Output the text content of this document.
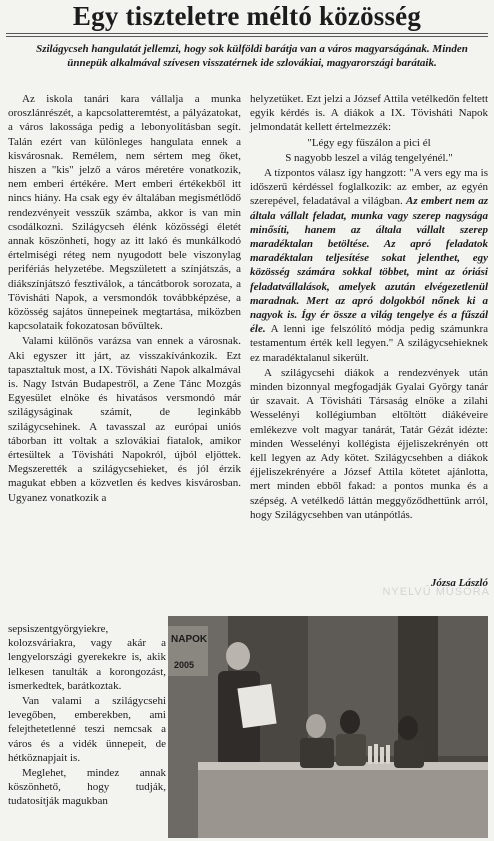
Egy tiszteletre méltó közösség
Szilágycseh hangulatát jellemzi, hogy sok külföldi barátja van a város magyarságának. Minden ünnepük alkalmával szívesen visszatérnek ide szlovákiai, magyarországi barátaik.
NYELVŰ MŰSORA

Az iskola tanári kara vállalja a munka oroszlánrészét, a kapcsolatteremtést, a pályázatokat, a város lakossága pedig a lebonyolításban segít. Talán ezért van különleges hangulata ennek a kisvárosnak. Remélem, nem sértem meg őket, hiszen a "kis" jelző a város méretére vonatkozik, nem emberi értékére. Mert emberi értékekből itt nincs hiány. Ha csak egy év általában megismétlődő rendezvényeit vesszük számba, akkor is van min csodálkozni. Szilágycseh élénk közösségi életét annak köszönheti, hogy az itt lakó és munkálkodó értelmiségi réteg nem nyugodott bele viszonylag perifériás helyzetébe. Megszületett a színjátszás, a diákszínjátszó fesztiválok, a táncátborok sorozata, a Tövisháti Napok, a versmondók továbbképzése, a közösség sajátos ünnepeinek megtartása, miközben kapcsolataik fokozatosan bővültek.

Valami különös varázsa van ennek a városnak. Aki egyszer itt járt, az visszakívánkozik. Ezt tapasztaltuk most, a IX. Tövisháti Napok alkalmával is. Nagy István Budapestről, a Zene Tánc Mozgás Egyesület elnöke és hivatásos versmondó már szilágyságinak számít, de leginkább szilágycsehinek. A tavasszal az európai uniós táborban itt voltak a szlovákiai fiatalok, amikor értesültek a Tövisháti Napokról, újból eljöttek. Megszerették a szilágycsehieket, és jól érzik magukat ebben a közvetlen és kedves kisvárosban. Ugyanez vonatkozik a

helyzetüket. Ezt jelzi a József Attila vetélkedőn feltett egyik kérdés is. A diákok a IX. Tövisháti Napok jelmondatát kellett értelmezzék:

"Légy egy fűszálon a pici él

S nagyobb leszel a világ tengelyénél."

A tízpontos válasz így hangzott: "A vers egy ma is időszerű kérdéssel foglalkozik: az ember, az egyén szerepével, feladatával a világban. Az embert nem az általa vállalt feladat, munka vagy szerep nagysága minősíti, hanem az általa vállalt szerep maradéktalan betöltése. Az apró feladatok maradéktalan teljesítése sokat jelenthet, egy közösség számára sokkal többet, mint az óriási feladatvállalások, amelyek azután elvégezetlenül maradnak. Mert az apró dolgokból nőnek ki a nagyok is. Így ér össze a világ tengelye és a fűszál éle. A lenni ige felszólító módja pedig számunkra testamentum érték kell legyen." A szilágycsehieknek ez maradéktalanul sikerült.

A szilágycsehi diákok a rendezvények után minden bizonnyal megfogadják Gyalai György tanár úr szavait. A Tövisháti Társaság elnöke a zilahi Wesselényi kollégiumban eltöltött diákéveire emlékezve volt magyar tanárát, Tatár Gézát idézte: minden Wesselényi kollégista éjjeliszekrényén ott kell legyen az Ady kötet. Szilágycsehben a diákok éjjeliszekrényére a József Attila kötetet ajánlotta, mert minden ebből fakad: a pontos munka és a szépség. A vetélkedő láttán meggyőződhettünk arról, hogy Szilágycsehben van utánpótlás.

Józsa László

sepsiszentgyörgyiekre, kolozsváriakra, vagy akár a lengyelországi gyerekekre is, akik lelkesen tanulták a korongozást, ismerkedtek, barátkoztak.

Van valami a szilágycsehi levegőben, emberekben, ami felejthetetlenné teszi nemcsak a város és a vidék ünnepeit, de hétköznapjait is.

Meglehet, mindez annak köszönhető, hogy tudják, tudatosítják magukban

NAPOK
2005
